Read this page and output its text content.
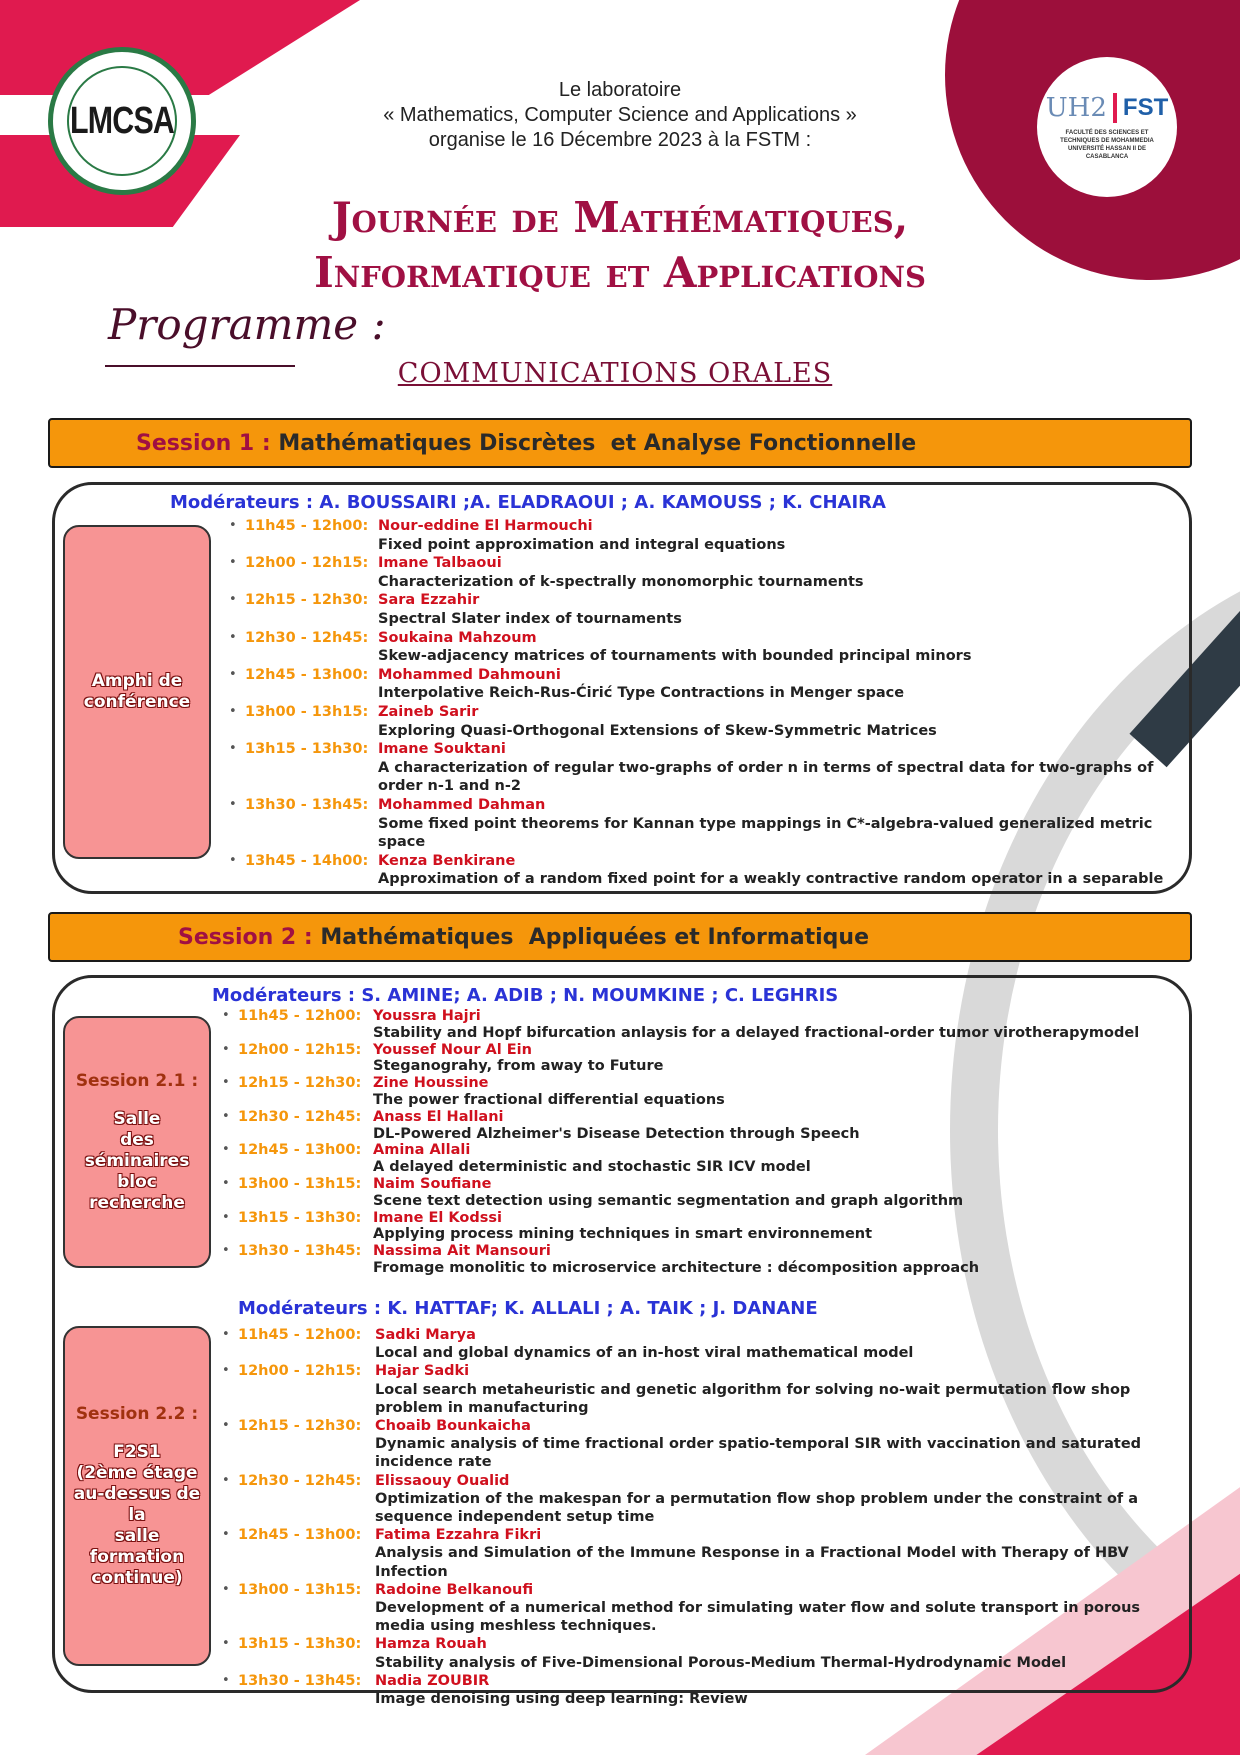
LMCSA	UH2 FST
FACULTÉ DES SCIENCES ET TECHNIQUES DE MOHAMMEDIA UNIVERSITÉ HASSAN II DE CASABLANCA
Le laboratoire
« Mathematics, Computer Science and Applications »
organise le 16 Décembre 2023 à la FSTM :
Journée de Mathématiques,
Informatique et Applications
Programme :
COMMUNICATIONS ORALES
Session 1 : Mathématiques Discrètes  et Analyse Fonctionnelle
Modérateurs : A. BOUSSAIRI ;A. ELADRAOUI ; A. KAMOUSS ; K. CHAIRA
Amphi de
conférence
• 11h45 - 12h00: Nour-eddine El Harmouchi
Fixed point approximation and integral equations
• 12h00 - 12h15: Imane Talbaoui
Characterization of k-spectrally monomorphic tournaments
• 12h15 - 12h30: Sara Ezzahir
Spectral Slater index of tournaments
• 12h30 - 12h45: Soukaina Mahzoum
Skew-adjacency matrices of tournaments with bounded principal minors
• 12h45 - 13h00: Mohammed Dahmouni
Interpolative Reich-Rus-Ćirić Type Contractions in Menger space
• 13h00 - 13h15: Zaineb Sarir
Exploring Quasi-Orthogonal Extensions of Skew-Symmetric Matrices
• 13h15 - 13h30: Imane Souktani
A characterization of regular two-graphs of order n in terms of spectral data for two-graphs of order n-1 and n-2
• 13h30 - 13h45: Mohammed Dahman
Some fixed point theorems for Kannan type mappings in C*-algebra-valued generalized metric space
• 13h45 - 14h00: Kenza Benkirane
Approximation of a random fixed point for a weakly contractive random operator in a separable
Session 2 : Mathématiques  Appliquées et Informatique
Modérateurs : S. AMINE; A. ADIB ; N. MOUMKINE ; C. LEGHRIS
Session 2.1 :
Salle
des séminaires
bloc recherche
• 11h45 - 12h00: Youssra Hajri
Stability and Hopf bifurcation anlaysis for a delayed fractional-order tumor virotherapymodel
• 12h00 - 12h15: Youssef Nour Al Ein
Steganograhy, from away to Future
• 12h15 - 12h30: Zine Houssine
The power fractional differential equations
• 12h30 - 12h45: Anass El Hallani
DL-Powered Alzheimer's Disease Detection through Speech
• 12h45 - 13h00: Amina Allali
A delayed deterministic and stochastic SIR ICV model
• 13h00 - 13h15: Naim Soufiane
Scene text detection using semantic segmentation and graph algorithm
• 13h15 - 13h30: Imane El Kodssi
Applying process mining techniques in smart environnement
• 13h30 - 13h45: Nassima Ait Mansouri
Fromage monolitic to microservice architecture : décomposition approach
Modérateurs : K. HATTAF; K. ALLALI ; A. TAIK ; J. DANANE
Session 2.2 :
F2S1
(2ème étage
au-dessus de la
salle formation
continue)
• 11h45 - 12h00: Sadki Marya
Local and global dynamics of an in-host viral mathematical model
• 12h00 - 12h15: Hajar Sadki
Local search metaheuristic and genetic algorithm for solving no-wait permutation flow shop problem in manufacturing
• 12h15 - 12h30: Choaib Bounkaicha
Dynamic analysis of time fractional order spatio-temporal SIR with vaccination and saturated incidence rate
• 12h30 - 12h45: Elissaouy Oualid
Optimization of the makespan for a permutation flow shop problem under the constraint of a sequence independent setup time
• 12h45 - 13h00: Fatima Ezzahra Fikri
Analysis and Simulation of the Immune Response in a Fractional Model with Therapy of HBV Infection
• 13h00 - 13h15: Radoine Belkanoufi
Development of a numerical method for simulating water flow and solute transport in porous media using meshless techniques.
• 13h15 - 13h30: Hamza Rouah
Stability analysis of Five-Dimensional Porous-Medium Thermal-Hydrodynamic Model
• 13h30 - 13h45: Nadia ZOUBIR
Image denoising using deep learning: Review
